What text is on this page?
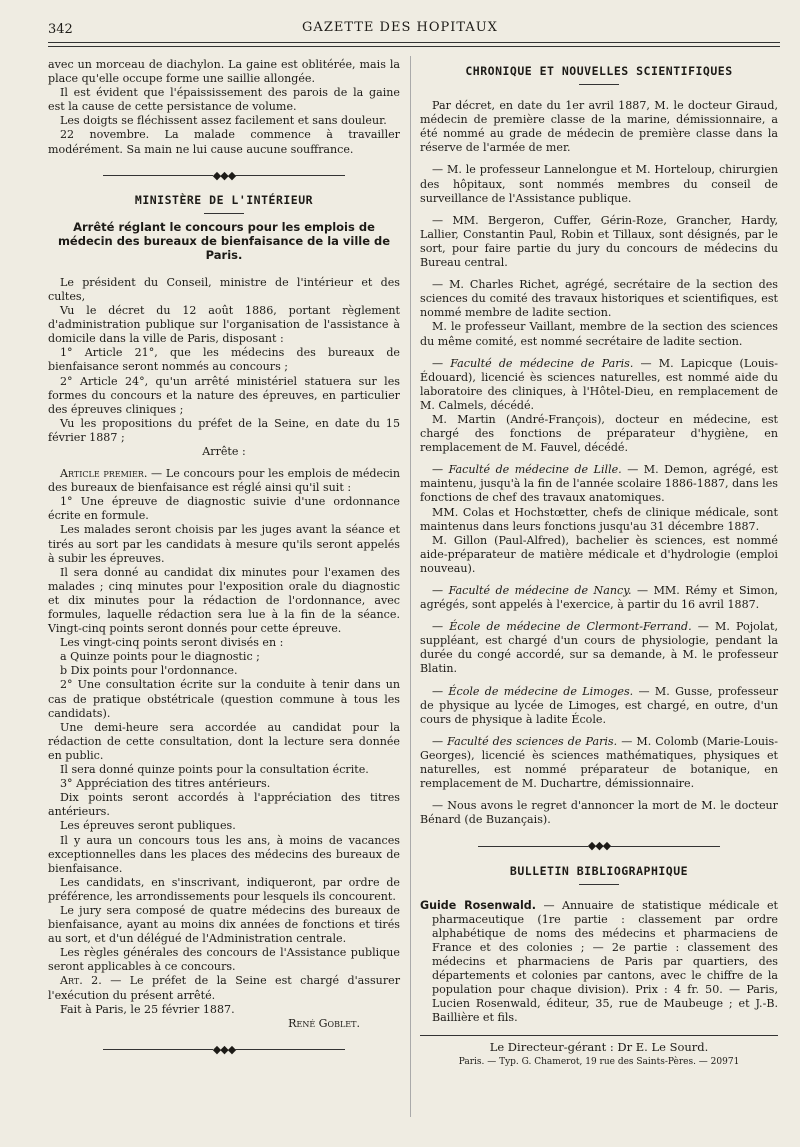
342	GAZETTE DES HOPITAUX

avec un morceau de diachylon. La gaine est oblitérée, mais la place qu'elle occupe forme une saillie allongée.

Il est évident que l'épaississement des parois de la gaine est la cause de cette persistance de volume.

Les doigts se fléchissent assez facilement et sans douleur.

22 novembre. La malade commence à travailler modérément. Sa main ne lui cause aucune souffrance.

◆◆◆
MINISTÈRE DE L'INTÉRIEUR
Arrêté réglant le concours pour les emplois de médecin des bureaux de bienfaisance de la ville de Paris.

Le président du Conseil, ministre de l'intérieur et des cultes,

Vu le décret du 12 août 1886, portant règlement d'administration publique sur l'organisation de l'assistance à domicile dans la ville de Paris, disposant :

1° Article 21°, que les médecins des bureaux de bienfaisance seront nommés au concours ;

2° Article 24°, qu'un arrêté ministériel statuera sur les formes du concours et la nature des épreuves, en particulier des épreuves cliniques ;

Vu les propositions du préfet de la Seine, en date du 15 février 1887 ;

Arrête :

Article premier. — Le concours pour les emplois de médecin des bureaux de bienfaisance est réglé ainsi qu'il suit :

1° Une épreuve de diagnostic suivie d'une ordonnance écrite en formule.

Les malades seront choisis par les juges avant la séance et tirés au sort par les candidats à mesure qu'ils seront appelés à subir les épreuves.

Il sera donné au candidat dix minutes pour l'examen des malades ; cinq minutes pour l'exposition orale du diagnostic et dix minutes pour la rédaction de l'ordonnance, avec formules, laquelle rédaction sera lue à la fin de la séance. Vingt-cinq points seront donnés pour cette épreuve.

Les vingt-cinq points seront divisés en :

a Quinze points pour le diagnostic ;

b Dix points pour l'ordonnance.

2° Une consultation écrite sur la conduite à tenir dans un cas de pratique obstétricale (question commune à tous les candidats).

Une demi-heure sera accordée au candidat pour la rédaction de cette consultation, dont la lecture sera donnée en public.

Il sera donné quinze points pour la consultation écrite.

3° Appréciation des titres antérieurs.

Dix points seront accordés à l'appréciation des titres antérieurs.

Les épreuves seront publiques.

Il y aura un concours tous les ans, à moins de vacances exceptionnelles dans les places des médecins des bureaux de bienfaisance.

Les candidats, en s'inscrivant, indiqueront, par ordre de préférence, les arrondissements pour lesquels ils concourent.

Le jury sera composé de quatre médecins des bureaux de bienfaisance, ayant au moins dix années de fonctions et tirés au sort, et d'un délégué de l'Administration centrale.

Les règles générales des concours de l'Assistance publique seront applicables à ce concours.

Art. 2. — Le préfet de la Seine est chargé d'assurer l'exécution du présent arrêté.

Fait à Paris, le 25 février 1887.

René Goblet.

◆◆◆
CHRONIQUE ET NOUVELLES SCIENTIFIQUES

Par décret, en date du 1er avril 1887, M. le docteur Giraud, médecin de première classe de la marine, démissionnaire, a été nommé au grade de médecin de première classe dans la réserve de l'armée de mer.

— M. le professeur Lannelongue et M. Horteloup, chirurgien des hôpitaux, sont nommés membres du conseil de surveillance de l'Assistance publique.

— MM. Bergeron, Cuffer, Gérin-Roze, Grancher, Hardy, Lallier, Constantin Paul, Robin et Tillaux, sont désignés, par le sort, pour faire partie du jury du concours de médecins du Bureau central.

— M. Charles Richet, agrégé, secrétaire de la section des sciences du comité des travaux historiques et scientifiques, est nommé membre de ladite section.

M. le professeur Vaillant, membre de la section des sciences du même comité, est nommé secrétaire de ladite section.

— Faculté de médecine de Paris. — M. Lapicque (Louis-Édouard), licencié ès sciences naturelles, est nommé aide du laboratoire des cliniques, à l'Hôtel-Dieu, en remplacement de M. Calmels, décédé.

M. Martin (André-François), docteur en médecine, est chargé des fonctions de préparateur d'hygiène, en remplacement de M. Fauvel, décédé.

— Faculté de médecine de Lille. — M. Demon, agrégé, est maintenu, jusqu'à la fin de l'année scolaire 1886-1887, dans les fonctions de chef des travaux anatomiques.

MM. Colas et Hochstœtter, chefs de clinique médicale, sont maintenus dans leurs fonctions jusqu'au 31 décembre 1887.

M. Gillon (Paul-Alfred), bachelier ès sciences, est nommé aide-préparateur de matière médicale et d'hydrologie (emploi nouveau).

— Faculté de médecine de Nancy. — MM. Rémy et Simon, agrégés, sont appelés à l'exercice, à partir du 16 avril 1887.

— École de médecine de Clermont-Ferrand. — M. Pojolat, suppléant, est chargé d'un cours de physiologie, pendant la durée du congé accordé, sur sa demande, à M. le professeur Blatin.

— École de médecine de Limoges. — M. Gusse, professeur de physique au lycée de Limoges, est chargé, en outre, d'un cours de physique à ladite École.

— Faculté des sciences de Paris. — M. Colomb (Marie-Louis-Georges), licencié ès sciences mathématiques, physiques et naturelles, est nommé préparateur de botanique, en remplacement de M. Duchartre, démissionnaire.

— Nous avons le regret d'annoncer la mort de M. le docteur Bénard (de Buzançais).

◆◆◆
BULLETIN BIBLIOGRAPHIQUE

Guide Rosenwald. — Annuaire de statistique médicale et pharmaceutique (1re partie : classement par ordre alphabétique de noms des médecins et pharmaciens de France et des colonies ; — 2e partie : classement des médecins et pharmaciens de Paris par quartiers, des départements et colonies par cantons, avec le chiffre de la population pour chaque division). Prix : 4 fr. 50. — Paris, Lucien Rosenwald, éditeur, 35, rue de Maubeuge ; et J.-B. Baillière et fils.

Le Directeur-gérant : Dr E. Le Sourd.

Paris. — Typ. G. Chamerot, 19 rue des Saints-Pères. — 20971
